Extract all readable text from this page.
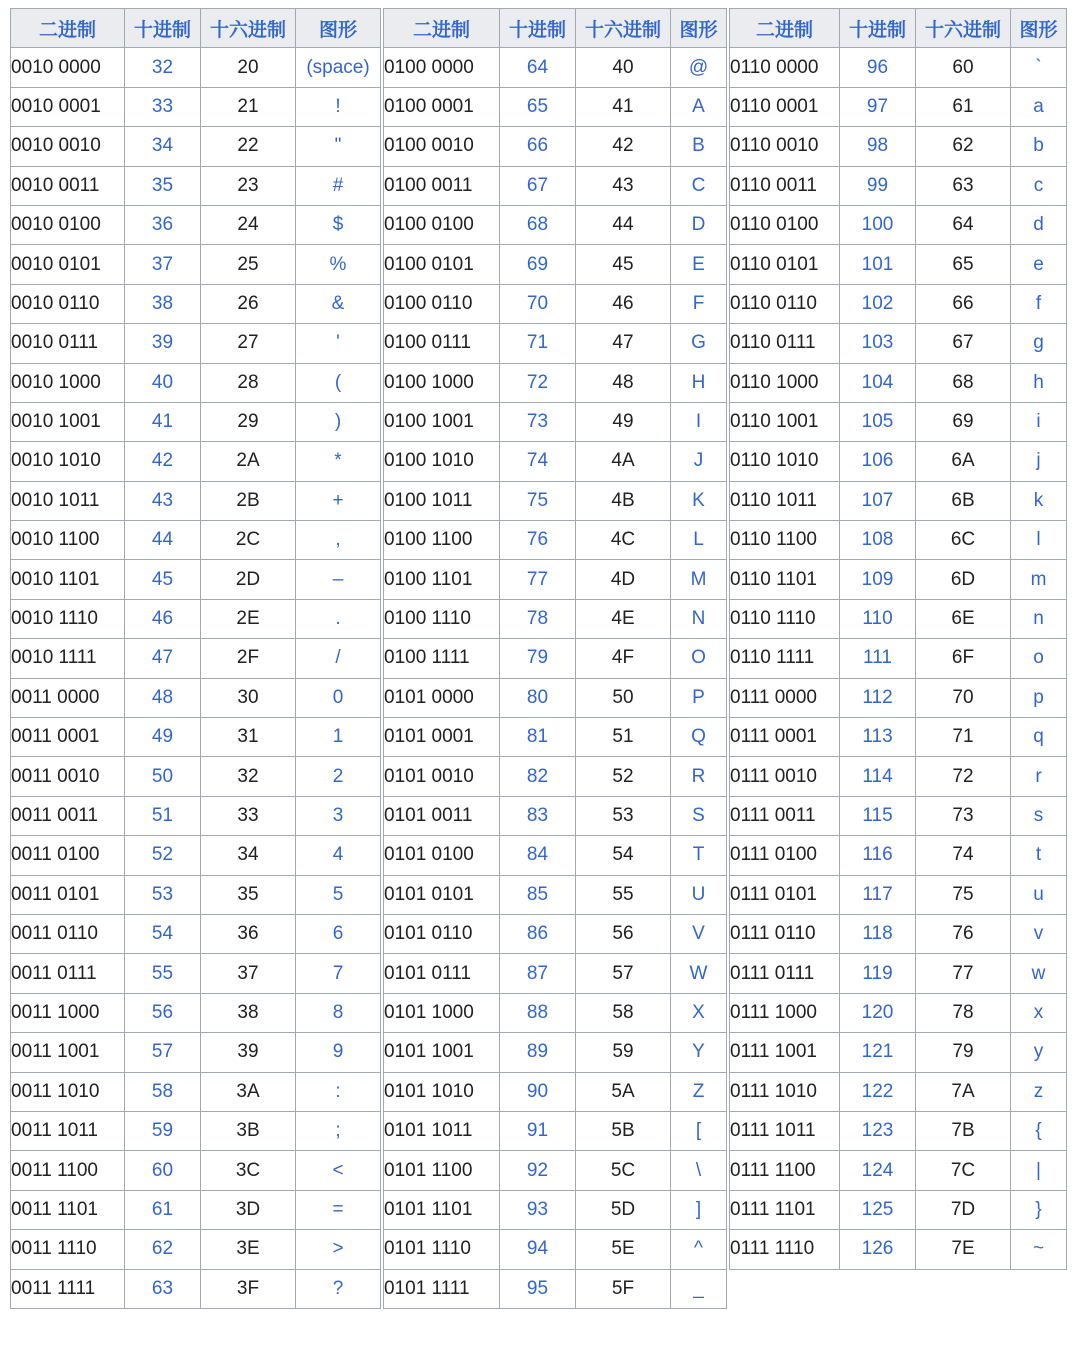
二进制	十进制	十六进制	图形
0010 0000	32	20	(space)
0010 0001	33	21	!
0010 0010	34	22	"
0010 0011	35	23	#
0010 0100	36	24	$
0010 0101	37	25	%
0010 0110	38	26	&
0010 0111	39	27	'
0010 1000	40	28	(
0010 1001	41	29	)
0010 1010	42	2A	*
0010 1011	43	2B	+
0010 1100	44	2C	,
0010 1101	45	2D	–
0010 1110	46	2E	.
0010 1111	47	2F	/
0011 0000	48	30	0
0011 0001	49	31	1
0011 0010	50	32	2
0011 0011	51	33	3
0011 0100	52	34	4
0011 0101	53	35	5
0011 0110	54	36	6
0011 0111	55	37	7
0011 1000	56	38	8
0011 1001	57	39	9
0011 1010	58	3A	:
0011 1011	59	3B	;
0011 1100	60	3C	<
0011 1101	61	3D	=
0011 1110	62	3E	>
0011 1111	63	3F	?
二进制	十进制	十六进制	图形
0100 0000	64	40	@
0100 0001	65	41	A
0100 0010	66	42	B
0100 0011	67	43	C
0100 0100	68	44	D
0100 0101	69	45	E
0100 0110	70	46	F
0100 0111	71	47	G
0100 1000	72	48	H
0100 1001	73	49	I
0100 1010	74	4A	J
0100 1011	75	4B	K
0100 1100	76	4C	L
0100 1101	77	4D	M
0100 1110	78	4E	N
0100 1111	79	4F	O
0101 0000	80	50	P
0101 0001	81	51	Q
0101 0010	82	52	R
0101 0011	83	53	S
0101 0100	84	54	T
0101 0101	85	55	U
0101 0110	86	56	V
0101 0111	87	57	W
0101 1000	88	58	X
0101 1001	89	59	Y
0101 1010	90	5A	Z
0101 1011	91	5B	[
0101 1100	92	5C	\
0101 1101	93	5D	]
0101 1110	94	5E	^
0101 1111	95	5F	_
二进制	十进制	十六进制	图形
0110 0000	96	60	`
0110 0001	97	61	a
0110 0010	98	62	b
0110 0011	99	63	c
0110 0100	100	64	d
0110 0101	101	65	e
0110 0110	102	66	f
0110 0111	103	67	g
0110 1000	104	68	h
0110 1001	105	69	i
0110 1010	106	6A	j
0110 1011	107	6B	k
0110 1100	108	6C	l
0110 1101	109	6D	m
0110 1110	110	6E	n
0110 1111	111	6F	o
0111 0000	112	70	p
0111 0001	113	71	q
0111 0010	114	72	r
0111 0011	115	73	s
0111 0100	116	74	t
0111 0101	117	75	u
0111 0110	118	76	v
0111 0111	119	77	w
0111 1000	120	78	x
0111 1001	121	79	y
0111 1010	122	7A	z
0111 1011	123	7B	{
0111 1100	124	7C	|
0111 1101	125	7D	}
0111 1110	126	7E	~
